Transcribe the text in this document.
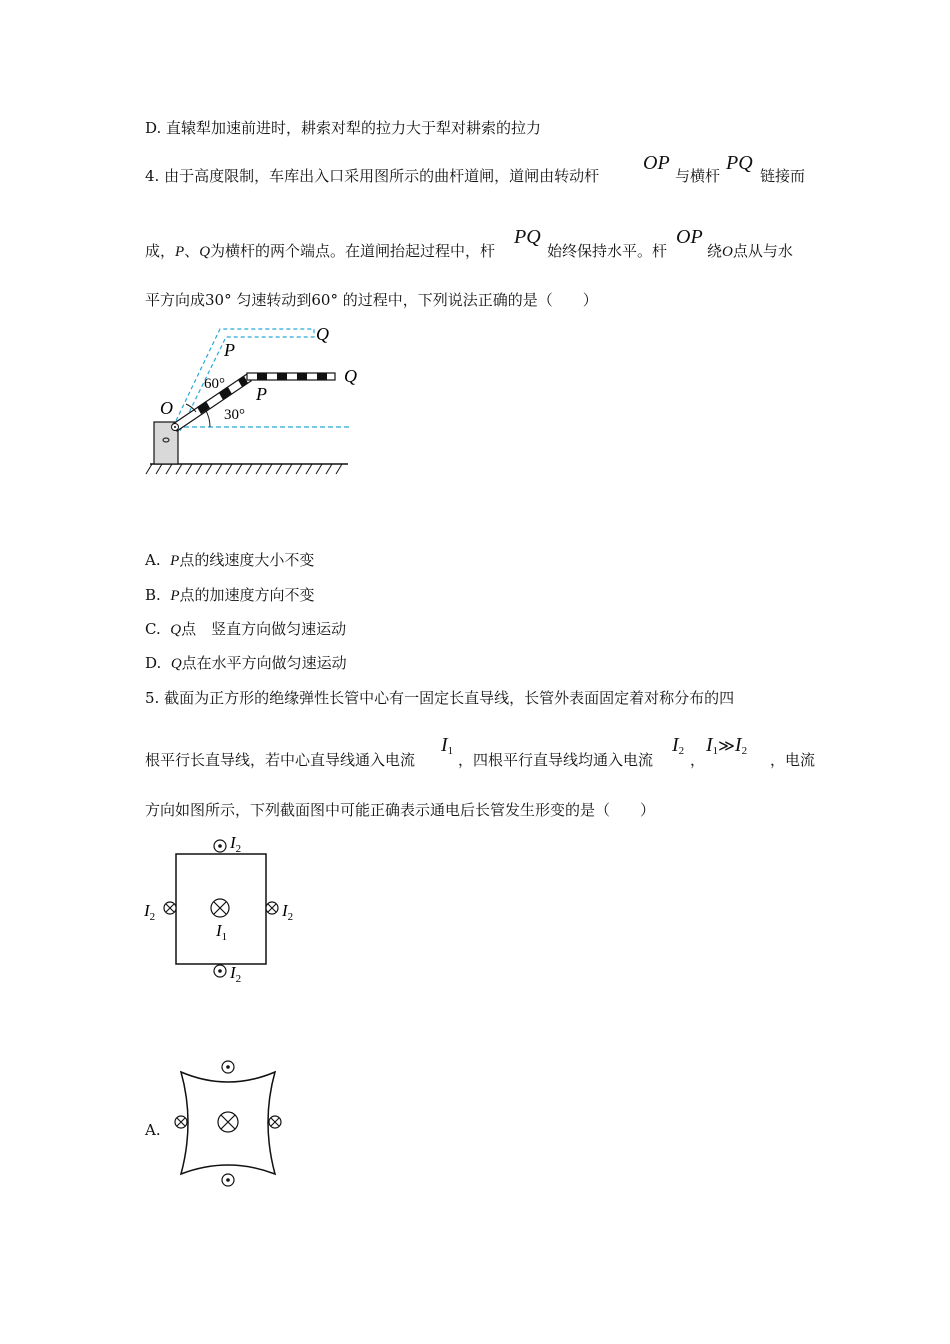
D. 直辕犁加速前进时，耕索对犁的拉力大于犁对耕索的拉力
4. 由于高度限制，车库出入口采用图所示的曲杆道闸，道闸由转动杆
OP
与横杆
PQ
链接而
成，P、Q为横杆的两个端点。在道闸抬起过程中，杆
PQ
始终保持水平。杆
OP
绕O点从与水
平方向成30° 匀速转动到60° 的过程中，下列说法正确的是（　　）
O
P
Q
P
Q
60°
30°
A. P点的线速度大小不变
B. P点的加速度方向不变
C. Q点　竖直方向做匀速运动
D. Q点在水平方向做匀速运动
5. 截面为正方形的绝缘弹性长管中心有一固定长直导线，长管外表面固定着对称分布的四
根平行长直导线，若中心直导线通入电流
$I_1$ ，四根平行直导线均通入电流
$I_2$ ，
$I_1≫I_2$ ，电流
方向如图所示，下列截面图中可能正确表示通电后长管发生形变的是（　　）
$I_2$
$I_2$	$I_2$
$I_1$
$I_2$
A.
